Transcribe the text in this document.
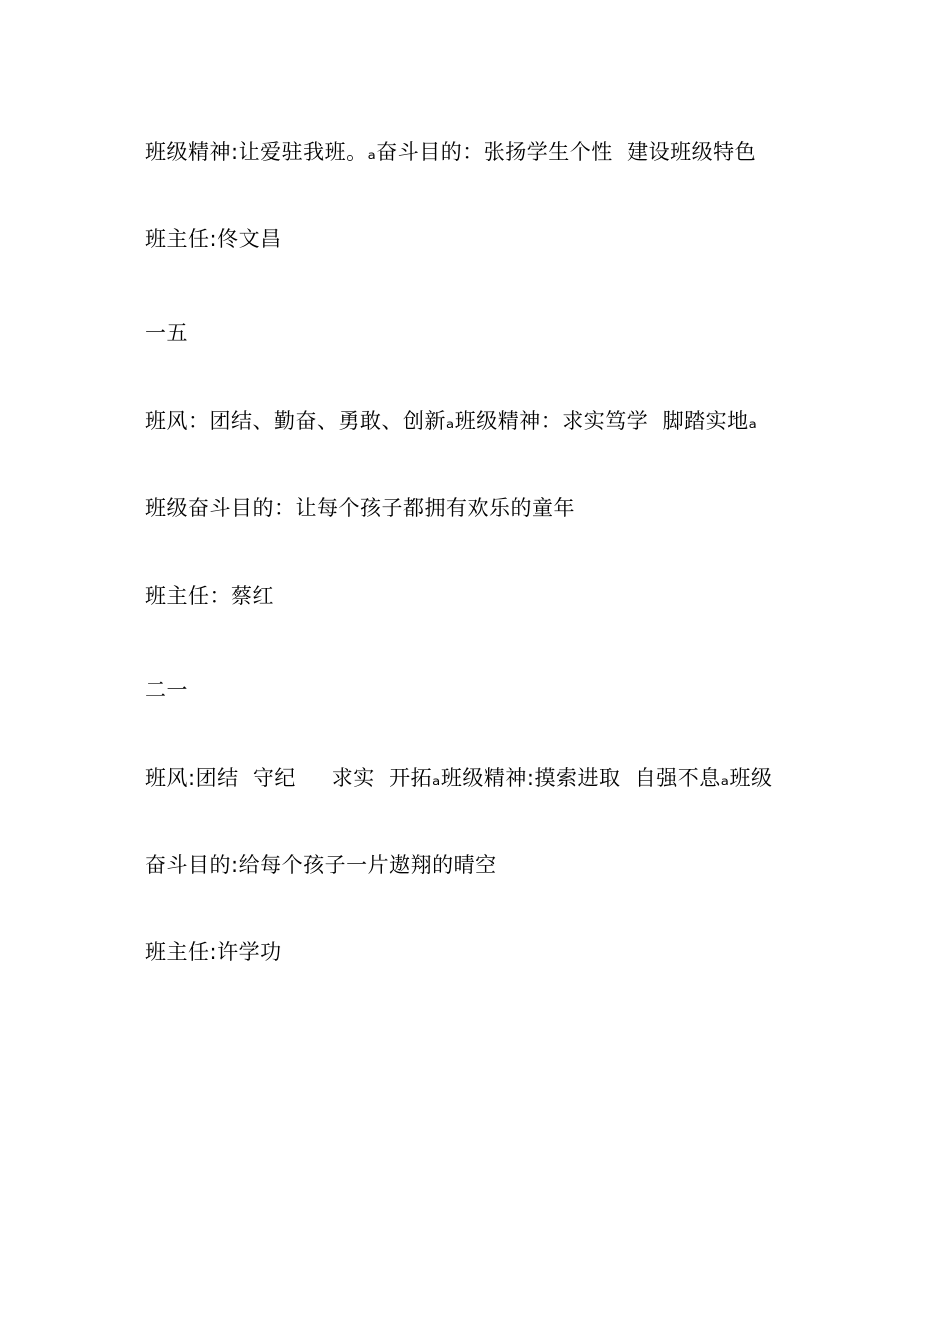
班级精神:让爱驻我班。ₐ奋斗目的：张扬学生个性  建设班级特色
班主任:佟文昌
一五
班风：团结、勤奋、勇敢、创新ₐ班级精神：求实笃学  脚踏实地ₐ
班级奋斗目的：让每个孩子都拥有欢乐的童年
班主任：蔡红
二一
班风:团结  守纪     求实  开拓ₐ班级精神:摸索进取  自强不息ₐ班级
奋斗目的:给每个孩子一片遨翔的晴空
班主任:许学功
